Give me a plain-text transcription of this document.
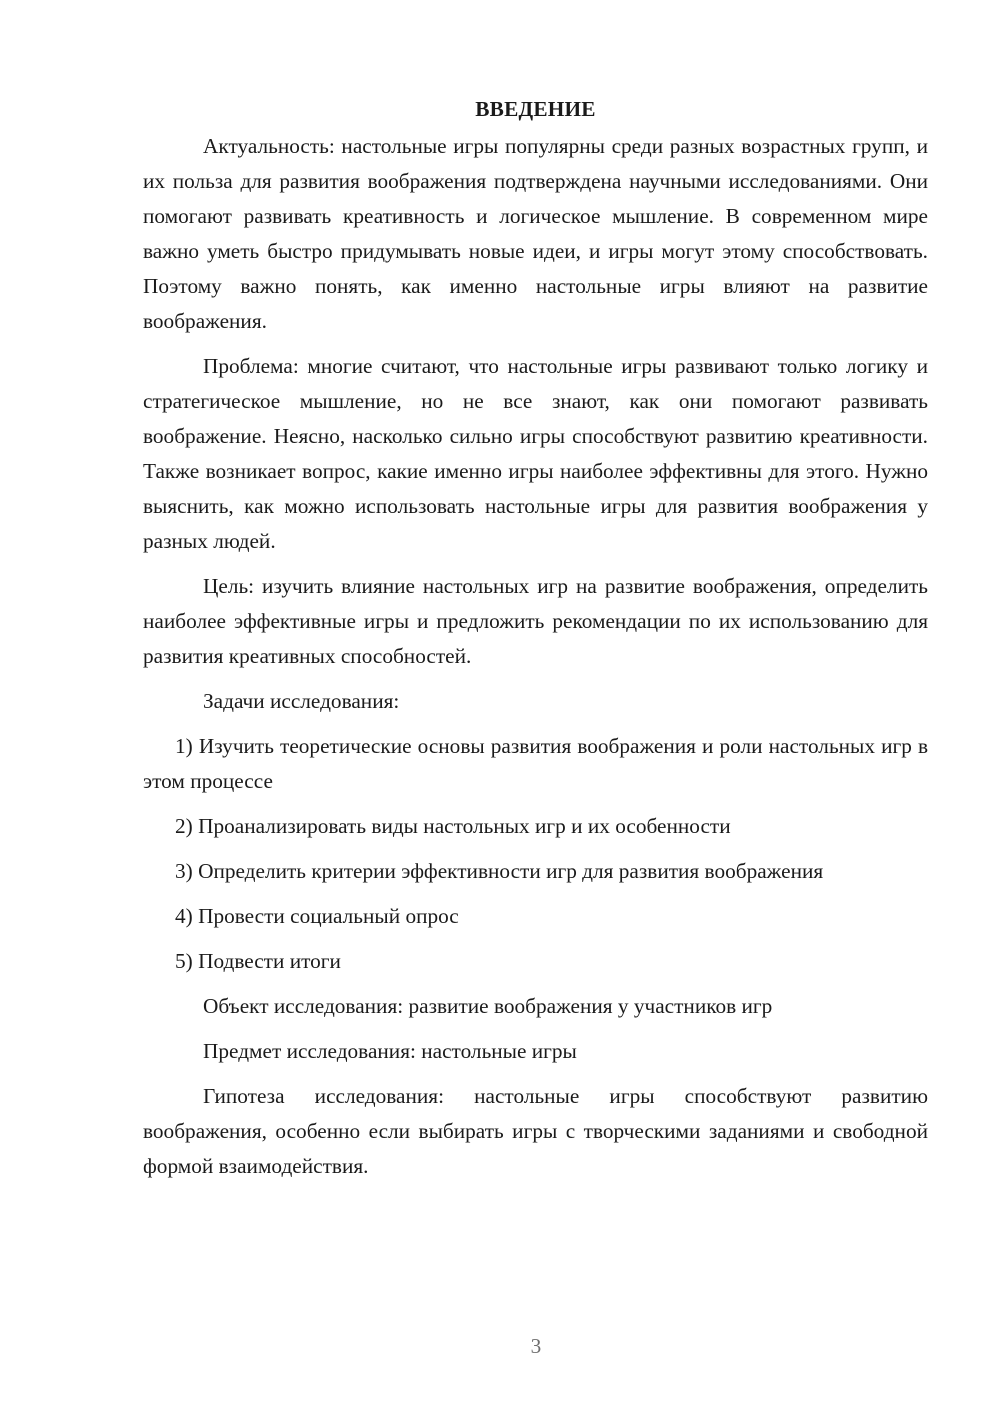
ВВЕДЕНИЕ

Актуальность: настольные игры популярны среди разных возрастных групп, и их польза для развития воображения подтверждена научными исследованиями. Они помогают развивать креативность и логическое мышление. В современном мире важно уметь быстро придумывать новые идеи, и игры могут этому способствовать. Поэтому важно понять, как именно настольные игры влияют на развитие воображения.

Проблема: многие считают, что настольные игры развивают только логику и стратегическое мышление, но не все знают, как они помогают развивать воображение. Неясно, насколько сильно игры способствуют развитию креативности. Также возникает вопрос, какие именно игры наиболее эффективны для этого. Нужно выяснить, как можно использовать настольные игры для развития воображения у разных людей.

Цель: изучить влияние настольных игр на развитие воображения, определить наиболее эффективные игры и предложить рекомендации по их использованию для развития креативных способностей.

Задачи исследования:

1) Изучить теоретические основы развития воображения и роли настольных игр в этом процессе

2) Проанализировать виды настольных игр и их особенности

3) Определить критерии эффективности игр для развития воображения

4) Провести социальный опрос

5) Подвести итоги

Объект исследования: развитие воображения у участников игр

Предмет исследования: настольные игры

Гипотеза исследования: настольные игры способствуют развитию воображения, особенно если выбирать игры с творческими заданиями и свободной формой взаимодействия.

3
